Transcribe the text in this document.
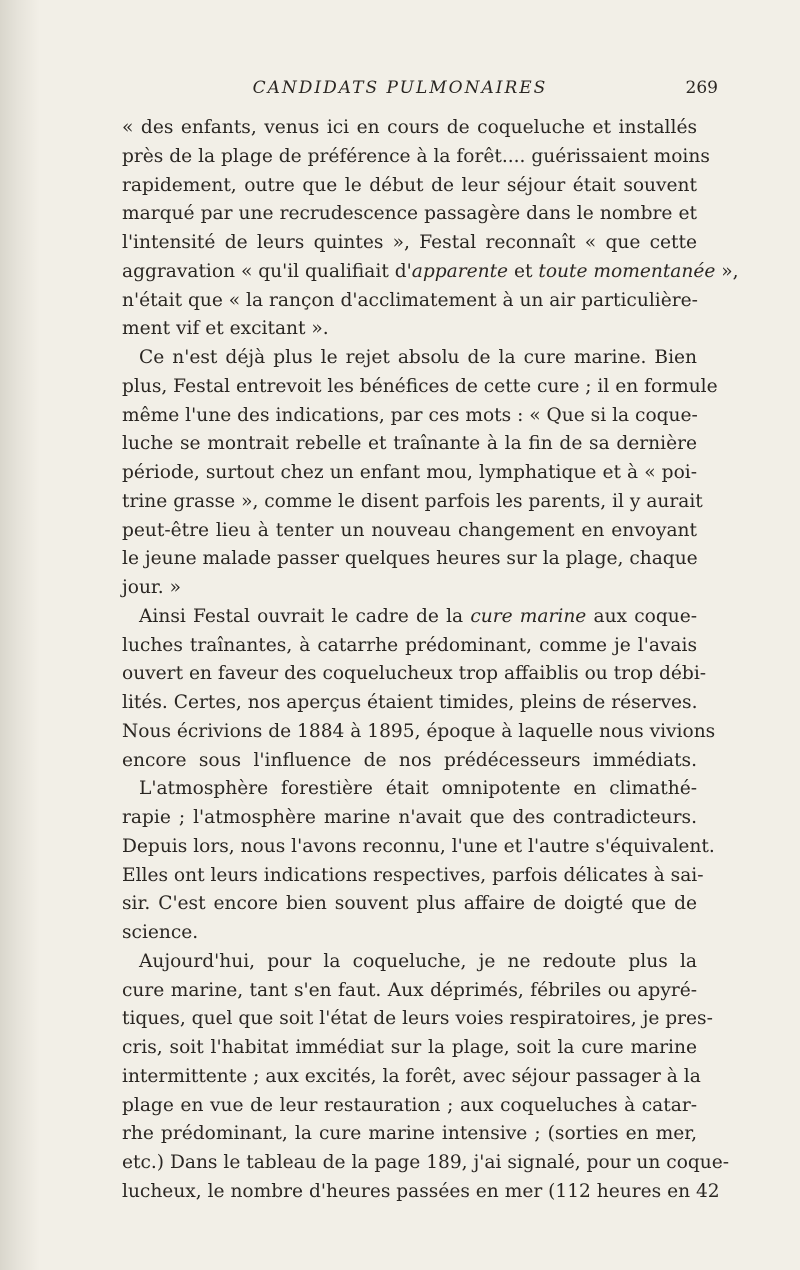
CANDIDATS PULMONAIRES	269
« des enfants, venus ici en cours de coqueluche et installés
près de la plage de préférence à la forêt.... guérissaient moins
rapidement, outre que le début de leur séjour était souvent
marqué par une recrudescence passagère dans le nombre et
l'intensité de leurs quintes », Festal reconnaît « que cette
aggravation « qu'il qualifiait d'apparente et toute momentanée »,
n'était que « la rançon d'acclimatement à un air particulière-
ment vif et excitant ».
Ce n'est déjà plus le rejet absolu de la cure marine. Bien
plus, Festal entrevoit les bénéfices de cette cure ; il en formule
même l'une des indications, par ces mots : « Que si la coque-
luche se montrait rebelle et traînante à la fin de sa dernière
période, surtout chez un enfant mou, lymphatique et à « poi-
trine grasse », comme le disent parfois les parents, il y aurait
peut-être lieu à tenter un nouveau changement en envoyant
le jeune malade passer quelques heures sur la plage, chaque
jour. »
Ainsi Festal ouvrait le cadre de la cure marine aux coque-
luches traînantes, à catarrhe prédominant, comme je l'avais
ouvert en faveur des coquelucheux trop affaiblis ou trop débi-
lités. Certes, nos aperçus étaient timides, pleins de réserves.
Nous écrivions de 1884 à 1895, époque à laquelle nous vivions
encore sous l'influence de nos prédécesseurs immédiats.
L'atmosphère forestière était omnipotente en climathé-
rapie ; l'atmosphère marine n'avait que des contradicteurs.
Depuis lors, nous l'avons reconnu, l'une et l'autre s'équivalent.
Elles ont leurs indications respectives, parfois délicates à sai-
sir. C'est encore bien souvent plus affaire de doigté que de
science.
Aujourd'hui, pour la coqueluche, je ne redoute plus la
cure marine, tant s'en faut. Aux déprimés, fébriles ou apyré-
tiques, quel que soit l'état de leurs voies respiratoires, je pres-
cris, soit l'habitat immédiat sur la plage, soit la cure marine
intermittente ; aux excités, la forêt, avec séjour passager à la
plage en vue de leur restauration ; aux coqueluches à catar-
rhe prédominant, la cure marine intensive ; (sorties en mer,
etc.) Dans le tableau de la page 189, j'ai signalé, pour un coque-
lucheux, le nombre d'heures passées en mer (112 heures en 42
